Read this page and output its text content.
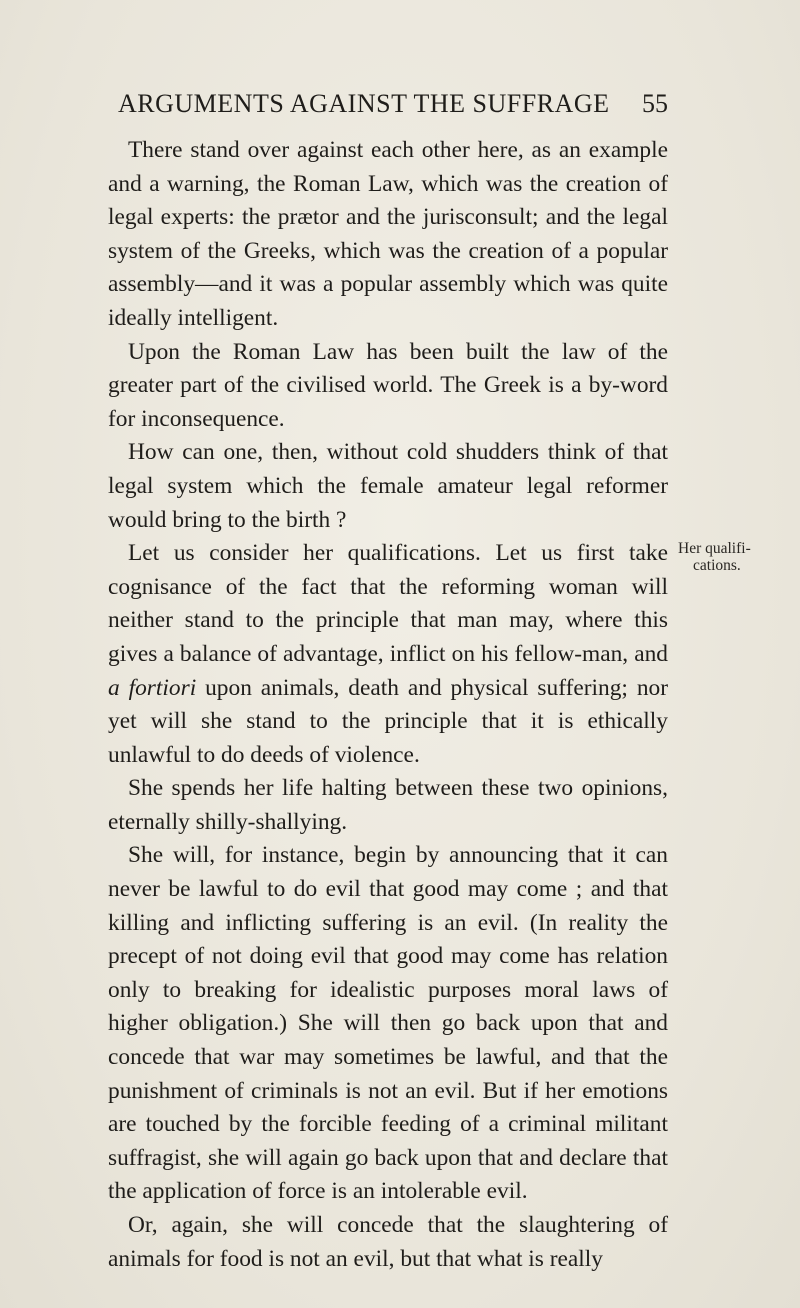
ARGUMENTS AGAINST THE SUFFRAGE 55

There stand over against each other here, as an example and a warning, the Roman Law, which was the creation of legal experts: the prætor and the jurisconsult; and the legal system of the Greeks, which was the creation of a popular assembly—and it was a popular assembly which was quite ideally intelligent.

Upon the Roman Law has been built the law of the greater part of the civilised world. The Greek is a by-word for inconsequence.

How can one, then, without cold shudders think of that legal system which the female amateur legal reformer would bring to the birth ?

Let us consider her qualifications. Let us first take cognisance of the fact that the reforming woman will neither stand to the principle that man may, where this gives a balance of advantage, inflict on his fellow-man, and a fortiori upon animals, death and physical suffering; nor yet will she stand to the principle that it is ethically unlawful to do deeds of violence.

She spends her life halting between these two opinions, eternally shilly-shallying.

She will, for instance, begin by announcing that it can never be lawful to do evil that good may come ; and that killing and inflicting suffering is an evil. (In reality the precept of not doing evil that good may come has relation only to breaking for idealistic purposes moral laws of higher obligation.) She will then go back upon that and concede that war may sometimes be lawful, and that the punishment of criminals is not an evil. But if her emotions are touched by the forcible feeding of a criminal militant suffragist, she will again go back upon that and declare that the application of force is an intolerable evil.

Or, again, she will concede that the slaughtering of animals for food is not an evil, but that what is really

Her qualifi-
cations.
